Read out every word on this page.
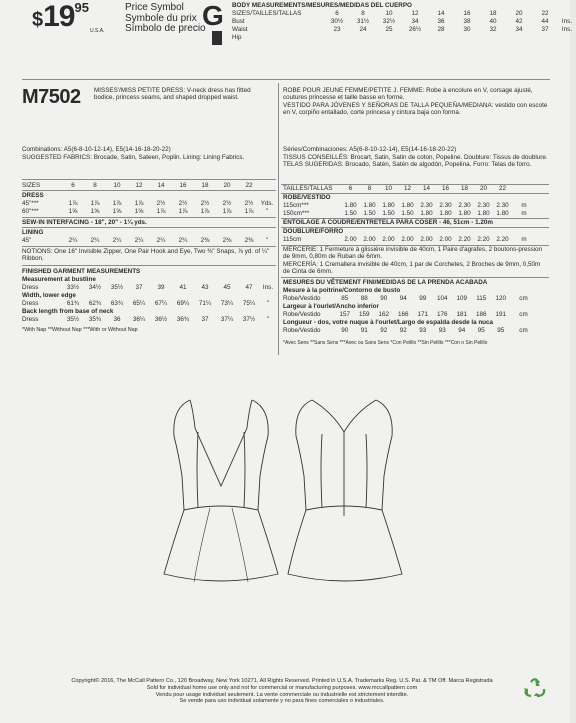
$\$19^{95}$
U.S.A.
Price Symbol
Symbole du prix
Símbolo de precio
G BODY MEASUREMENTS/MESURES/MEDIDAS DEL CUERPO
SIZES/TAILLES/TALLAS	6	8	10	12	14	16	18	20	22
Bust	30½	31½	32½	34	36	38	40	42	44	Ins.
Waist	23	24	25	26½	28	30	32	34	37	Ins.
Hip
M7502 MISSES'/MISS PETITE DRESS: V-neck dress has fitted bodice, princess seams, and shaped dropped waist.
ROBE POUR JEUNE FEMME/PETITE J. FEMME: Robe à encolure en V, corsage ajusté, coutures princesse et taille basse en forme.
VESTIDO PARA JÓVENES Y SEÑORAS DE TALLA PEQUEÑA/MEDIANA: vestido con escote en V, corpiño entallado, corte princesa y cintura baja con forma.
Combinations: A5(6-8-10-12-14), E5(14-16-18-20-22)
SUGGESTED FABRICS: Brocade, Satin, Sateen, Poplin. Lining: Lining Fabrics.
SIZES	6	8	10	12	14	16	18	20	22
DRESS
45"***	1⅞	1⅞	1⅞	1⅞	2½	2½	2½	2½	2½	Yds.
60"***	1⅝	1⅝	1⅝	1⅝	1⅞	1⅞	1⅞	1⅞	1⅞	"
SEW-IN INTERFACING - 18", 20" - 1¼ yds.
LINING
45"	2¼	2¼	2¼	2¼	2¼	2¼	2⅜	2⅜	2⅜	"
NOTIONS: One 16" Invisible Zipper, One Pair Hook and Eye, Two ⅜" Snaps, ⅞ yd. of ¼" Ribbon.
FINISHED GARMENT MEASUREMENTS
Measurement at bustline
Dress	33½	34½	35½	37	39	41	43	45	47	Ins.
Width, lower edge
Dress	61¾	62¾	63¾	65¼	67¼	69¼	71¼	73¼	75¼	"
Back length from base of neck
Dress	35½	35¾	36	36¼	36½	36¾	37	37¼	37½	"
*With Nap **Without Nap ***With or Without Nap
Séries/Combinaciones: A5(6-8-10-12-14), E5(14-16-18-20-22)
TISSUS CONSEILLÉS: Brocart, Satin, Satin de coton, Popeline. Doublure: Tissus de doublure.
TELAS SUGERIDAS: Brocado, Satén, Satén de algodón, Popelina. Forro: Telas de forro.
TAILLES/TALLAS	6	8	10	12	14	16	18	20	22
ROBE/VESTIDO
115cm***	1.80	1.80	1.80	1.80	2.30	2.30	2.30	2.30	2.30	m
150cm***	1.50	1.50	1.50	1.50	1.80	1.80	1.80	1.80	1.80	m
ENTOILAGE À COUDRE/ENTRETELA PARA COSER - 46, 51cm - 1.20m
DOUBLURE/FORRO
115cm	2.00	2.00	2.00	2.00	2.00	2.00	2.20	2.20	2.20	m
MERCERIE: 1 Fermeture à glissière invisible de 40cm, 1 Paire d'agrafes, 2 boutons-pression de 9mm, 0,80m de Ruban de 6mm.
MERCERÍA: 1 Cremallera invisible de 40cm, 1 par de Corchetes, 2 Broches de 9mm, 0,50m de Cinta de 6mm.
MESURES DU VÊTEMENT FINI/MEDIDAS DE LA PRENDA ACABADA
Mesure à la poitrine/Contorno de busto
Robe/Vestido	85	88	90	94	99	104	109	115	120	cm
Largeur à l'ourlet/Ancho inferior
Robe/Vestido	157	159	162	166	171	176	181	186	191	cm
Longueur - dos, votre nuque à l'ourlet/Largo de espalda desde la nuca
Robe/Vestido	90	91	92	92	93	93	94	95	95	cm
*Avec Sens **Sans Sens ***Avec ou Sans Sens *Con Pelillo **Sin Pelillo ***Con o Sin Pelillo
Copyright© 2016, The McCall Pattern Co., 120 Broadway, New York 10271, All Rights Reserved. Printed in U.S.A. Trademarks Reg. U.S. Pat. & TM Off. Marca Registrada
Sold for individual home use only and not for commercial or manufacturing purposes. www.mccallpattern.com
Vendu pour usage individuel seulement. La vente commerciale ou industrielle est strictement interdite.
Se vende para uso individual solamente y no para fines comerciales o industriales.
